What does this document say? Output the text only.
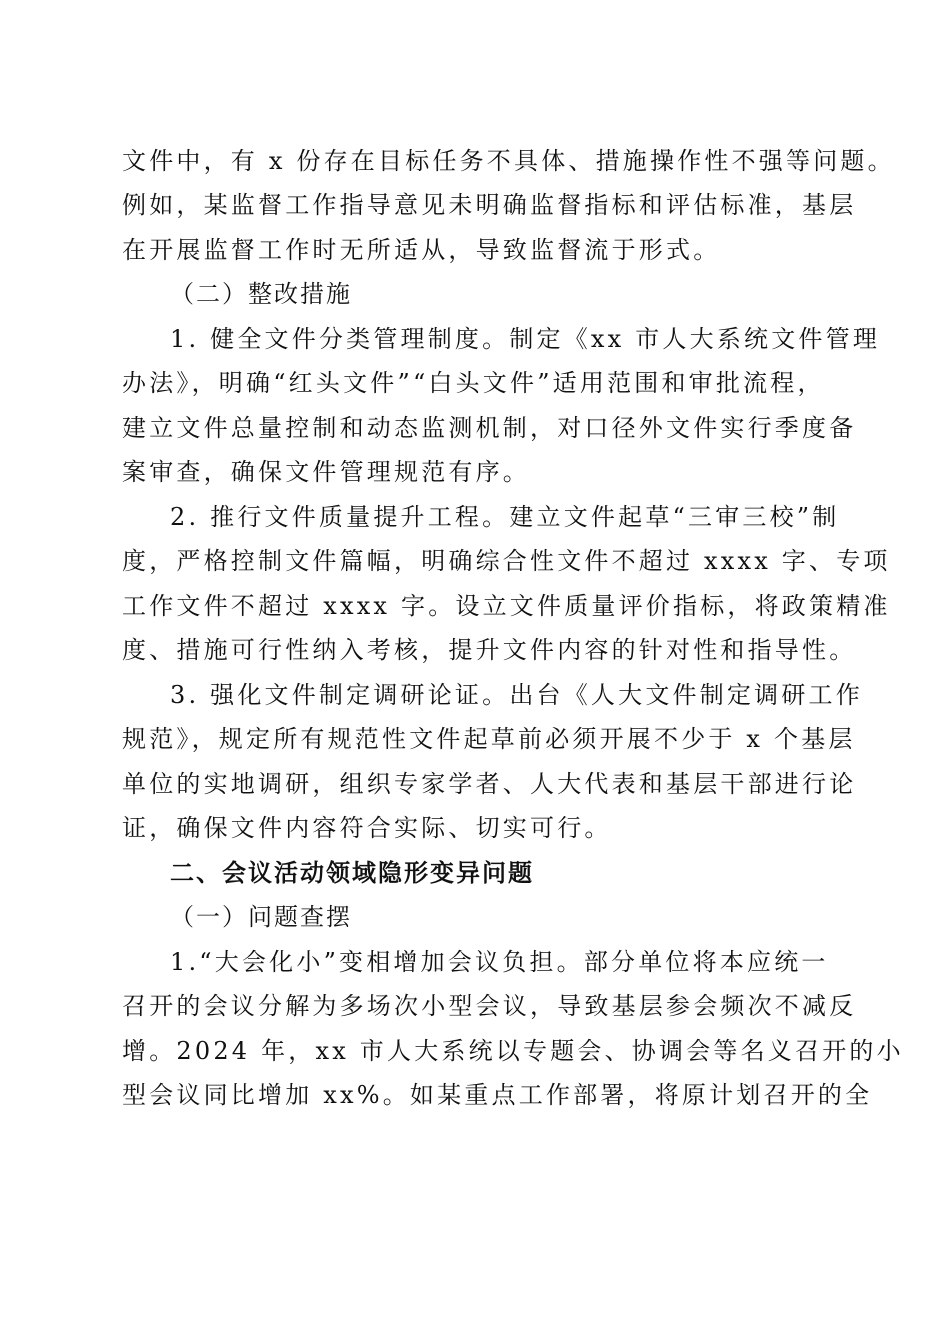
文件中，有 x 份存在目标任务不具体、措施操作性不强等问题。
例如，某监督工作指导意见未明确监督指标和评估标准，基层
在开展监督工作时无所适从，导致监督流于形式。
（二）整改措施
1. 健全文件分类管理制度。制定《xx 市人大系统文件管理
办法》，明确“红头文件”“白头文件”适用范围和审批流程，
建立文件总量控制和动态监测机制，对口径外文件实行季度备
案审查，确保文件管理规范有序。
2. 推行文件质量提升工程。建立文件起草“三审三校”制
度，严格控制文件篇幅，明确综合性文件不超过 xxxx 字、专项
工作文件不超过 xxxx 字。设立文件质量评价指标，将政策精准
度、措施可行性纳入考核，提升文件内容的针对性和指导性。
3. 强化文件制定调研论证。出台《人大文件制定调研工作
规范》，规定所有规范性文件起草前必须开展不少于 x 个基层
单位的实地调研，组织专家学者、人大代表和基层干部进行论
证，确保文件内容符合实际、切实可行。
二、会议活动领域隐形变异问题
（一）问题查摆
1.“大会化小”变相增加会议负担。部分单位将本应统一
召开的会议分解为多场次小型会议，导致基层参会频次不减反
增。2024 年，xx 市人大系统以专题会、协调会等名义召开的小
型会议同比增加 xx%。如某重点工作部署，将原计划召开的全
